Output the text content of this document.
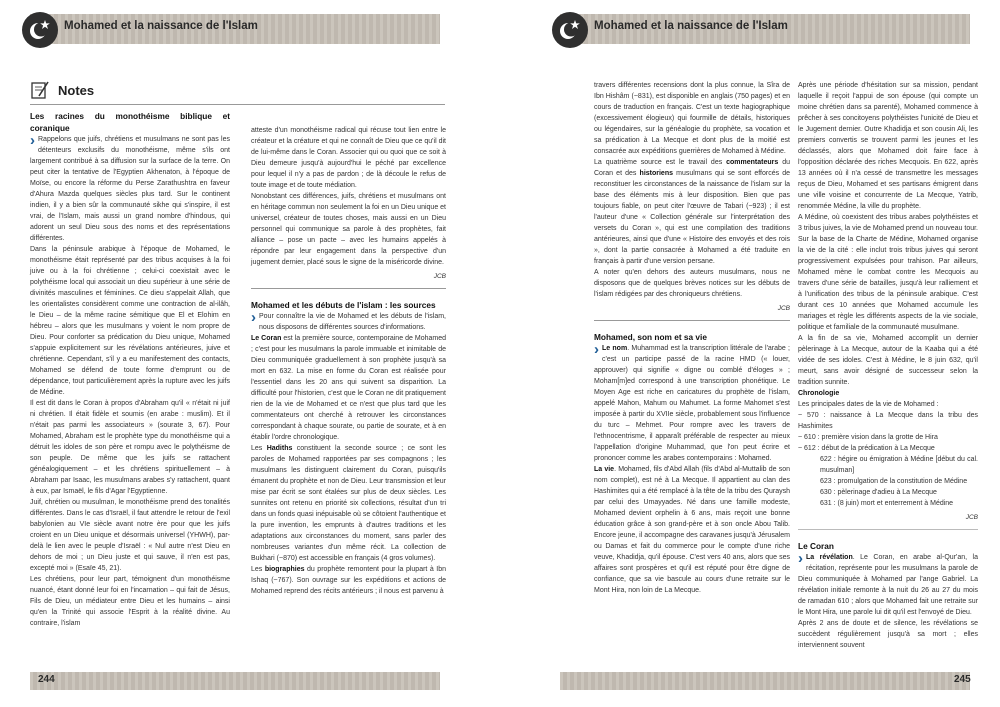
Mohamed et la naissance de l'Islam
Notes

Les racines du monothéisme biblique et coranique

› Rappelons que juifs, chrétiens et musulmans ne sont pas les détenteurs exclusifs du monothéisme, même s'ils ont largement contribué à sa diffusion sur la surface de la terre. On peut citer la tentative de l'Egyptien Akhenaton, à l'époque de Moïse, ou encore la réforme du Perse Zarathushtra en faveur d'Ahura Mazda quelques siècles plus tard. Sur le continent indien, il y a bien sûr la communauté sikhe qui s'inspire, il est vrai, de l'Islam, mais aussi un grand nombre d'hindous, qui adorent un seul Dieu sous des noms et des représentations différentes.

Dans la péninsule arabique à l'époque de Mohamed, le monothéisme était représenté par des tribus acquises à la foi juive ou à la foi chrétienne ; celui-ci coexistait avec le polythéisme local qui associait un dieu supérieur à une série de divinités masculines et féminines. Ce dieu s'appelait Allah, que les orientalistes considèrent comme une contraction de al-ilâh, le Dieu – de la même racine sémitique que El et Elohim en hébreu – alors que les musulmans y voient le nom propre de Dieu. Pour conforter sa prédication du Dieu unique, Mohamed s'appuie explicitement sur les révélations antérieures, juive et chrétienne. Cependant, s'il y a eu manifestement des contacts, Mohamed se défend de toute forme d'emprunt ou de dépendance, tout particulièrement après la rupture avec les juifs de Médine.

Il est dit dans le Coran à propos d'Abraham qu'il « n'était ni juif ni chrétien. Il était fidèle et soumis (en arabe : muslim). Et il n'était pas parmi les associateurs » (sourate 3, 67). Pour Mohamed, Abraham est le prophète type du monothéisme qui a détruit les idoles de son père et rompu avec le polythéisme de son peuple. De même que les juifs se rattachent généalogiquement – et les chrétiens spirituellement – à Abraham par Isaac, les musulmans arabes s'y rattachent, quant à eux, par Ismaël, le fils d'Agar l'Egyptienne.

Juif, chrétien ou musulman, le monothéisme prend des tonalités différentes. Dans le cas d'Israël, il faut attendre le retour de l'exil babylonien au VIe siècle avant notre ère pour que les juifs croient en un Dieu unique et désormais universel (YHWH), par-delà le lien avec le peuple d'Israël : « Nul autre n'est Dieu en dehors de moi ; un Dieu juste et qui sauve, il n'en est pas, excepté moi » (Esaïe 45, 21).

Les chrétiens, pour leur part, témoignent d'un monothéisme nuancé, étant donné leur foi en l'incarnation – qui fait de Jésus, Fils de Dieu, un médiateur entre Dieu et les humains – ainsi qu'en la Trinité qui associe l'Esprit à la réalité divine. Au contraire, l'islam

atteste d'un monothéisme radical qui récuse tout lien entre le créateur et la créature et qui ne connaît de Dieu que ce qu'il dit de lui-même dans le Coran. Associer qui ou quoi que ce soit à Dieu demeure jusqu'à aujourd'hui le péché par excellence pour lequel il n'y a pas de pardon ; de là découle le refus de toute image et de toute médiation.

Nonobstant ces différences, juifs, chrétiens et musulmans ont en héritage commun non seulement la foi en un Dieu unique et universel, créateur de toutes choses, mais aussi en un Dieu personnel qui communique sa parole à des prophètes, fait alliance – pose un pacte – avec les humains appelés à répondre par leur engagement dans la perspective d'un jugement dernier, placé sous le signe de la miséricorde divine.

JCB

Mohamed et les débuts de l'islam : les sources

› Pour connaître la vie de Mohamed et les débuts de l'islam, nous disposons de différentes sources d'informations.

Le Coran est la première source, contemporaine de Mohamed ; c'est pour les musulmans la parole immuable et inimitable de Dieu communiquée graduellement à son prophète jusqu'à sa mort en 632. La mise en forme du Coran est réalisée pour l'essentiel dans les 20 ans qui suivent sa disparition. La difficulté pour l'historien, c'est que le Coran ne dit pratiquement rien de la vie de Mohamed et ce n'est que plus tard que les commentateurs ont cherché à retrouver les circonstances correspondant à chaque sourate, ou partie de sourate, et à en établir l'ordre chronologique.

Les Hadiths constituent la seconde source ; ce sont les paroles de Mohamed rapportées par ses compagnons ; les musulmans les distinguent clairement du Coran, puisqu'ils émanent du prophète et non de Dieu. Leur transmission et leur mise par écrit se sont étalées sur plus de deux siècles. Les sunnites ont retenu en priorité six collections, résultat d'un tri dans un fonds quasi inépuisable où se côtoient l'authentique et la pure invention, les emprunts à d'autres traditions et les adaptations aux circonstances du moment, sans parler des nombreuses variantes d'un même récit. La collection de Bukhari (~870) est accessible en français (4 gros volumes).

Les biographies du prophète remontent pour la plupart à Ibn Ishaq (~767). Son ouvrage sur les expéditions et actions de Mohamed reprend des récits antérieurs ; il nous est parvenu à

244
Mohamed et la naissance de l'Islam

travers différentes recensions dont la plus connue, la Sîra de Ibn Hishâm (~831), est disponible en anglais (750 pages) et en cours de traduction en français. C'est un texte hagiographique (excessivement élogieux) qui fourmille de détails, historiques ou légendaires, sur la généalogie du prophète, sa vocation et sa prédication à La Mecque et dont plus de la moitié est consacrée aux expéditions guerrières de Mohamed à Médine.

La quatrième source est le travail des commentateurs du Coran et des historiens musulmans qui se sont efforcés de reconstituer les circonstances de la naissance de l'islam sur la base des éléments mis à leur disposition. Bien que pas toujours fiable, on peut citer l'œuvre de Tabari (~923) ; il est l'auteur d'une « Collection générale sur l'interprétation des versets du Coran », qui est une compilation des traditions antérieures, ainsi que d'une « Histoire des envoyés et des rois », dont la partie consacrée à Mohamed a été traduite en français à partir d'une version persane.

A noter qu'en dehors des auteurs musulmans, nous ne disposons que de quelques brèves notices sur les débuts de l'islam rédigées par des chroniqueurs chrétiens.

JCB

Mohamed, son nom et sa vie

› Le nom. Muhammad est la transcription littérale de l'arabe ; c'est un participe passé de la racine HMD (« louer, approuver) qui signifie « digne ou comblé d'éloges » ; Moham[m]ed correspond à une transcription phonétique. Le Moyen Age est riche en caricatures du prophète de l'islam, appelé Mahon, Mahum ou Mahumet. La forme Mahomet s'est imposée à partir du XVIIe siècle, probablement sous l'influence du turc – Mehmet. Pour rompre avec les travers de l'ethnocentrisme, il apparaît préférable de respecter au mieux l'appellation d'origine Muhammad, que l'on peut écrire et prononcer comme les arabes contemporains : Mohamed.

La vie. Mohamed, fils d'Abd Allah (fils d'Abd al-Muttalib de son nom complet), est né à La Mecque. Il appartient au clan des Hashimites qui a été remplacé à la tête de la tribu des Quraysh par celui des Umayyades. Né dans une famille modeste, Mohamed devient orphelin à 6 ans, mais reçoit une bonne éducation grâce à son grand-père et à son oncle Abou Talib. Encore jeune, il accompagne des caravanes jusqu'à Jérusalem ou Damas et fait du commerce pour le compte d'une riche veuve, Khadidja, qu'il épouse. C'est vers 40 ans, alors que ses affaires sont prospères et qu'il est réputé pour être digne de confiance, que sa vie bascule au cours d'une retraite sur le Mont Hira, non loin de La Mecque.

Après une période d'hésitation sur sa mission, pendant laquelle il reçoit l'appui de son épouse (qui compte un moine chrétien dans sa parenté), Mohamed commence à prêcher à ses concitoyens polythéistes l'unicité de Dieu et le Jugement dernier. Outre Khadidja et son cousin Ali, les premiers convertis se trouvent parmi les jeunes et les déclassés, alors que Mohamed doit faire face à l'opposition déclarée des riches Mecquois. En 622, après 13 années où il n'a cessé de transmettre les messages reçus de Dieu, Mohamed et ses partisans émigrent dans une ville voisine et concurrente de La Mecque, Yatrib, renommée Médine, la ville du prophète.

A Médine, où coexistent des tribus arabes polythéistes et 3 tribus juives, la vie de Mohamed prend un nouveau tour. Sur la base de la Charte de Médine, Mohamed organise la vie de la cité : elle inclut trois tribus juives qui seront progressivement expulsées pour trahison. Par ailleurs, Mohamed mène le combat contre les Mecquois au travers d'une série de batailles, jusqu'à leur ralliement et à l'unification des tribus de la péninsule arabique. C'est durant ces 10 années que Mohamed accumule les mariages et règle les différents aspects de la vie sociale, politique et familiale de la communauté musulmane.

A la fin de sa vie, Mohamed accomplit un dernier pèlerinage à La Mecque, autour de la Kaaba qui a été vidée de ses idoles. C'est à Médine, le 8 juin 632, qu'il meurt, sans avoir désigné de successeur selon la tradition sunnite.

Chronologie

Les principales dates de la vie de Mohamed :

~ 570 : naissance à La Mecque dans la tribu des Hashimites

~ 610 : première vision dans la grotte de Hira

~ 612 : début de la prédication à La Mecque

622 : hégire ou émigration à Médine [début du cal. musulman]

623 : promulgation de la constitution de Médine

630 : pèlerinage d'adieu à La Mecque

631 : (8 juin) mort et enterrement à Médine

JCB

Le Coran

› La révélation. Le Coran, en arabe al-Qur'an, la récitation, représente pour les musulmans la parole de Dieu communiquée à Mohamed par l'ange Gabriel. La révélation initiale remonte à la nuit du 26 au 27 du mois de ramadan 610 ; alors que Mohamed fait une retraite sur le Mont Hira, une parole lui dit qu'il est l'envoyé de Dieu.

Après 2 ans de doute et de silence, les révélations se succèdent régulièrement jusqu'à sa mort ; elles interviennent souvent

245
